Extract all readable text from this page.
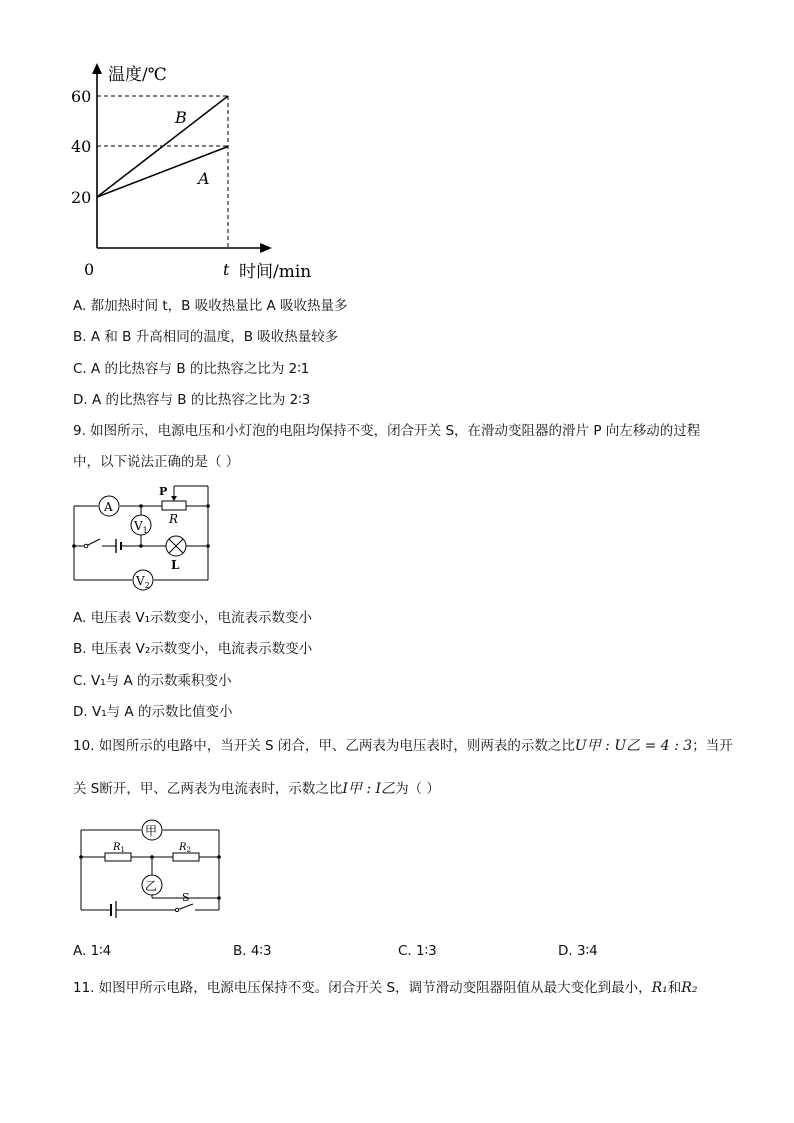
温度/℃
60
40
20
0	t 时间/min
B
A
A. 都加热时间 t，B 吸收热量比 A 吸收热量多
B. A 和 B 升高相同的温度，B 吸收热量较多
C. A 的比热容与 B 的比热容之比为 2∶1
D. A 的比热容与 B 的比热容之比为 2∶3
9. 如图所示，电源电压和小灯泡的电阻均保持不变，闭合开关 S，在滑动变阻器的滑片 P 向左移动的过程
中，以下说法正确的是（ ）
A
P
R
$V_1$
L
$V_2$
A. 电压表 V₁示数变小，电流表示数变小
B. 电压表 V₂示数变小，电流表示数变小
C. V₁与 A 的示数乘积变小
D. V₁与 A 的示数比值变小
10. 如图所示的电路中，当开关 S 闭合，甲、乙两表为电压表时，则两表的示数之比U甲 : U乙 = 4 : 3；当开
关 S断开，甲、乙两表为电流表时，示数之比I甲 : I乙为（ ）
甲
$R_1$	$R_2$
乙
S
A. 1∶4	B. 4∶3	C. 1∶3	D. 3∶4
11. 如图甲所示电路，电源电压保持不变。闭合开关 S，调节滑动变阻器阻值从最大变化到最小，R₁和R₂
